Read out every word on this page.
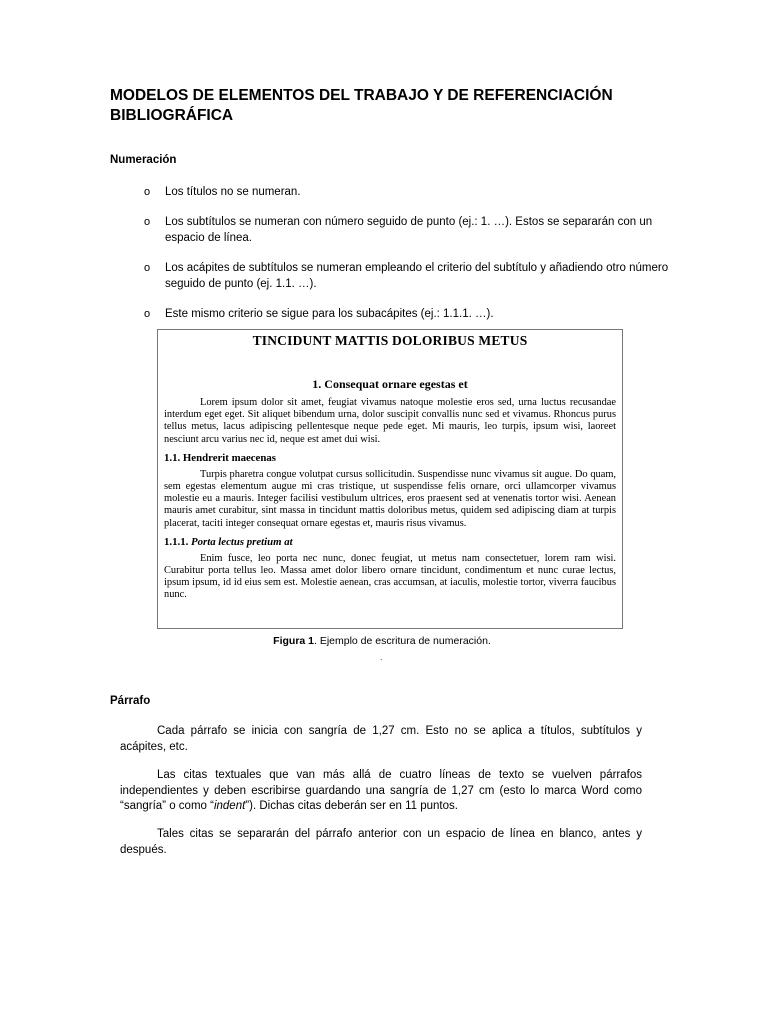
MODELOS DE ELEMENTOS DEL TRABAJO Y DE REFERENCIACIÓN BIBLIOGRÁFICA
Numeración
o Los títulos no se numeran.
o Los subtítulos se numeran con número seguido de punto (ej.: 1. …). Estos se separarán con un espacio de línea.
o Los acápites de subtítulos se numeran empleando el criterio del subtítulo y añadiendo otro número seguido de punto (ej. 1.1. …).
o Este mismo criterio se sigue para los subacápites (ej.: 1.1.1. …).

TINCIDUNT MATTIS DOLORIBUS METUS

1. Consequat ornare egestas et

Lorem ipsum dolor sit amet, feugiat vivamus natoque molestie eros sed, urna luctus recusandae interdum eget eget. Sit aliquet bibendum urna, dolor suscipit convallis nunc sed et vivamus. Rhoncus purus tellus metus, lacus adipiscing pellentesque neque pede eget. Mi mauris, leo turpis, ipsum wisi, laoreet nesciunt arcu varius nec id, neque est amet dui wisi.

1.1. Hendrerit maecenas

Turpis pharetra congue volutpat cursus sollicitudin. Suspendisse nunc vivamus sit augue. Do quam, sem egestas elementum augue mi cras tristique, ut suspendisse felis ornare, orci ullamcorper vivamus molestie eu a mauris. Integer facilisi vestibulum ultrices, eros praesent sed at venenatis tortor wisi. Aenean mauris amet curabitur, sint massa in tincidunt mattis doloribus metus, quidem sed adipiscing diam at turpis placerat, taciti integer consequat ornare egestas et, mauris risus vivamus.

1.1.1. Porta lectus pretium at

Enim fusce, leo porta nec nunc, donec feugiat, ut metus nam consectetuer, lorem ram wisi. Curabitur porta tellus leo. Massa amet dolor libero ornare tincidunt, condimentum et nunc curae lectus, ipsum ipsum, id id eius sem est. Molestie aenean, cras accumsan, at iaculis, molestie tortor, viverra faucibus nunc.

Figura 1. Ejemplo de escritura de numeración.
.
Párrafo

Cada párrafo se inicia con sangría de 1,27 cm. Esto no se aplica a títulos, subtítulos y acápites, etc.

Las citas textuales que van más allá de cuatro líneas de texto se vuelven párrafos independientes y deben escribirse guardando una sangría de 1,27 cm (esto lo marca Word como “sangría” o como “indent”). Dichas citas deberán ser en 11 puntos.

Tales citas se separarán del párrafo anterior con un espacio de línea en blanco, antes y después.
